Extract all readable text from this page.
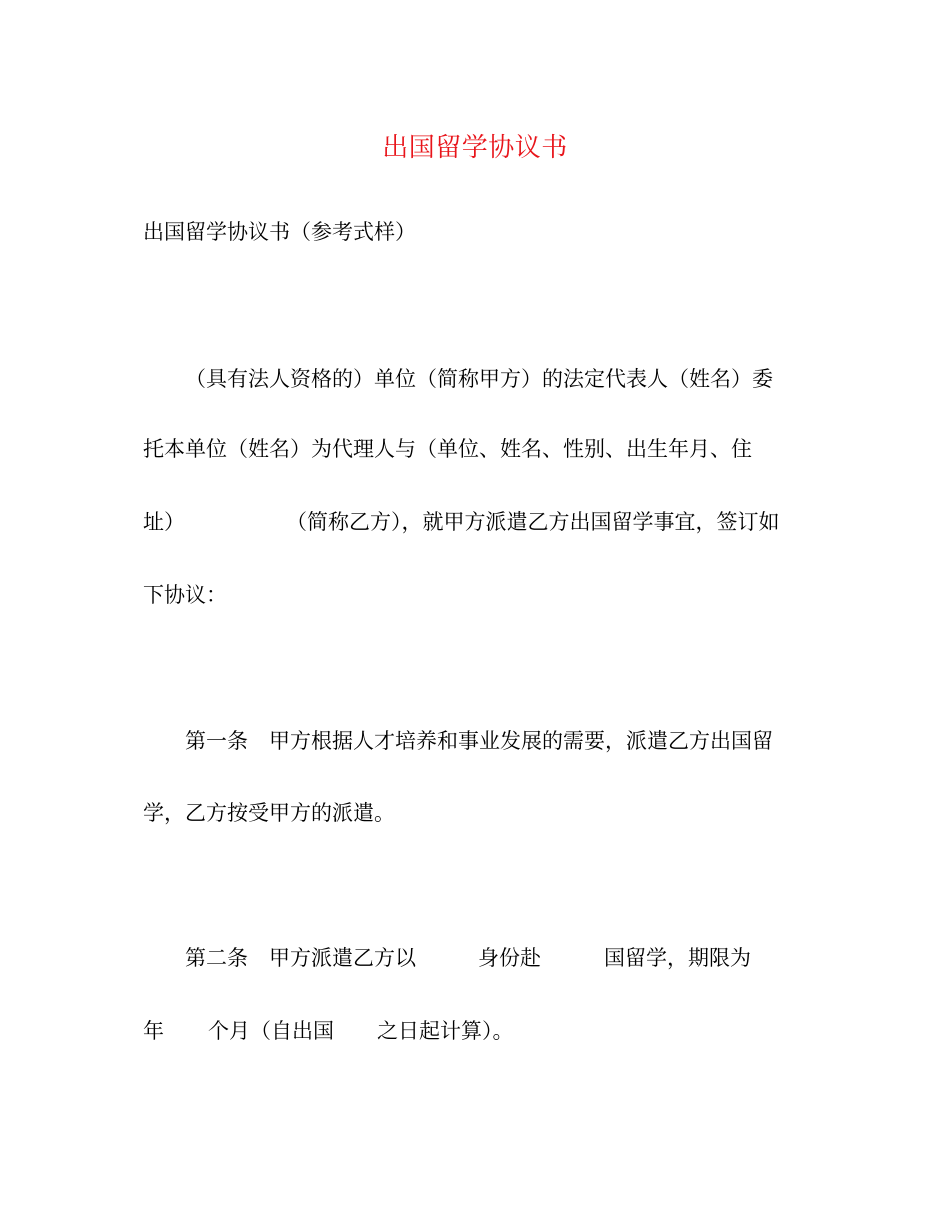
出国留学协议书
出国留学协议书（参考式样）
（具有法人资格的）单位（简称甲方）的法定代表人（姓名）委
托本单位（姓名）为代理人与（单位、姓名、性别、出生年月、住
址）	（简称乙方），就甲方派遣乙方出国留学事宜，签订如
下协议：
第一条　甲方根据人才培养和事业发展的需要，派遣乙方出国留
学，乙方按受甲方的派遣。
第二条　甲方派遣乙方以	身份赴	国留学，期限为
年 个月（自出国 之日起计算）。
